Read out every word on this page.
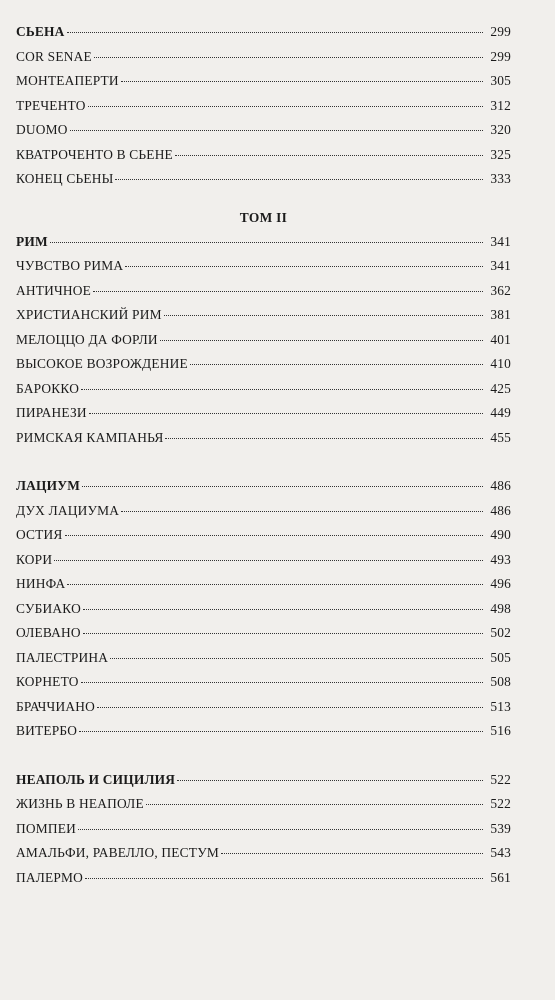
СЬЕНА	299
COR SENAE	299
МОНТЕАПЕРТИ	305
ТРЕЧЕНТО	312
DUOMO	320
КВАТРОЧЕНТО В СЬЕНЕ	325
КОНЕЦ СЬЕНЫ	333
ТОМ II
РИМ	341
ЧУВСТВО РИМА	341
АНТИЧНОЕ	362
ХРИСТИАНСКИЙ РИМ	381
МЕЛОЦЦО ДА ФОРЛИ	401
ВЫСОКОЕ ВОЗРОЖДЕНИЕ	410
БАРОККО	425
ПИРАНЕЗИ	449
РИМСКАЯ КАМПАНЬЯ	455
ЛАЦИУМ	486
ДУХ ЛАЦИУМА	486
ОСТИЯ	490
КОРИ	493
НИНФА	496
СУБИАКО	498
ОЛЕВАНО	502
ПАЛЕСТРИНА	505
КОРНЕТО	508
БРАЧЧИАНО	513
ВИТЕРБО	516
НЕАПОЛЬ И СИЦИЛИЯ	522
ЖИЗНЬ В НЕАПОЛЕ	522
ПОМПЕИ	539
АМАЛЬФИ, РАВЕЛЛО, ПЕСТУМ	543
ПАЛЕРМО	561
